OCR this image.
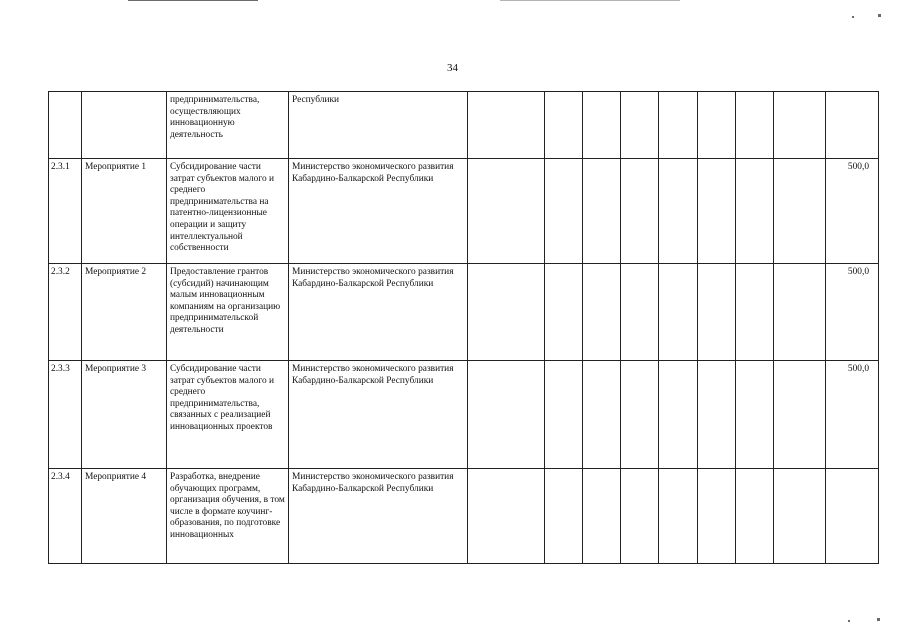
34
		предпринимательства, осуществляющих инновационную деятельность	Республики									
2.3.1	Мероприятие 1	Субсидирование части затрат субъектов малого и среднего предпринимательства на патентно-лицензионные операции и защиту интеллектуальной собственности	Министерство экономического развития Кабардино-Балкарской Республики									500,0
2.3.2	Мероприятие 2	Предоставление грантов (субсидий) начинающим малым инновационным компаниям на организацию предпринимательской деятельности	Министерство экономического развития Кабардино-Балкарской Республики									500,0
2.3.3	Мероприятие 3	Субсидирование части затрат субъектов малого и среднего предпринимательства, связанных с реализацией инновационных проектов	Министерство экономического развития Кабардино-Балкарской Республики									500,0
2.3.4	Мероприятие 4	Разработка, внедрение обучающих программ, организация обучения, в том числе в формате коучинг-образования, по подготовке инновационных	Министерство экономического развития Кабардино-Балкарской Республики									
